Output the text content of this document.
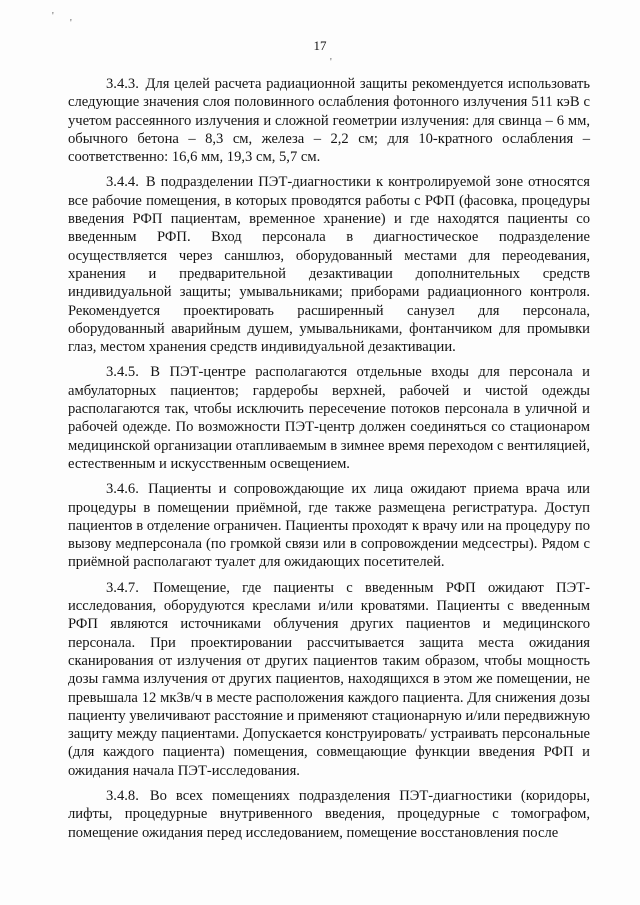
'
'
'
17

3.4.3. Для целей расчета радиационной защиты рекомендуется использовать следующие значения слоя половинного ослабления фотонного излучения 511 кэВ с учетом рассеянного излучения и сложной геометрии излучения: для свинца – 6 мм, обычного бетона – 8,3 см, железа – 2,2 см; для 10-кратного ослабления – соответственно: 16,6 мм, 19,3 см, 5,7 см.

3.4.4. В подразделении ПЭТ-диагностики к контролируемой зоне относятся все рабочие помещения, в которых проводятся работы с РФП (фасовка, процедуры введения РФП пациентам, временное хранение) и где находятся пациенты со введенным РФП. Вход персонала в диагностическое подразделение осуществляется через саншлюз, оборудованный местами для переодевания, хранения и предварительной дезактивации дополнительных средств индивидуальной защиты; умывальниками; приборами радиационного контроля. Рекомендуется проектировать расширенный санузел для персонала, оборудованный аварийным душем, умывальниками, фонтанчиком для промывки глаз, местом хранения средств индивидуальной дезактивации.

3.4.5. В ПЭТ-центре располагаются отдельные входы для персонала и амбулаторных пациентов; гардеробы верхней, рабочей и чистой одежды располагаются так, чтобы исключить пересечение потоков персонала в уличной и рабочей одежде. По возможности ПЭТ-центр должен соединяться со стационаром медицинской организации отапливаемым в зимнее время переходом с вентиляцией, естественным и искусственным освещением.

3.4.6. Пациенты и сопровождающие их лица ожидают приема врача или процедуры в помещении приёмной, где также размещена регистратура. Доступ пациентов в отделение ограничен. Пациенты проходят к врачу или на процедуру по вызову медперсонала (по громкой связи или в сопровождении медсестры). Рядом с приёмной располагают туалет для ожидающих посетителей.

3.4.7. Помещение, где пациенты с введенным РФП ожидают ПЭТ-исследования, оборудуются креслами и/или кроватями. Пациенты с введенным РФП являются источниками облучения других пациентов и медицинского персонала. При проектировании рассчитывается защита места ожидания сканирования от излучения от других пациентов таким образом, чтобы мощность дозы гамма излучения от других пациентов, находящихся в этом же помещении, не превышала 12 мкЗв/ч в месте расположения каждого пациента. Для снижения дозы пациенту увеличивают расстояние и применяют стационарную и/или передвижную защиту между пациентами. Допускается конструировать/ устраивать персональные (для каждого пациента) помещения, совмещающие функции введения РФП и ожидания начала ПЭТ-исследования.

3.4.8. Во всех помещениях подразделения ПЭТ-диагностики (коридоры, лифты, процедурные внутривенного введения, процедурные с томографом, помещение ожидания перед исследованием, помещение восстановления после
